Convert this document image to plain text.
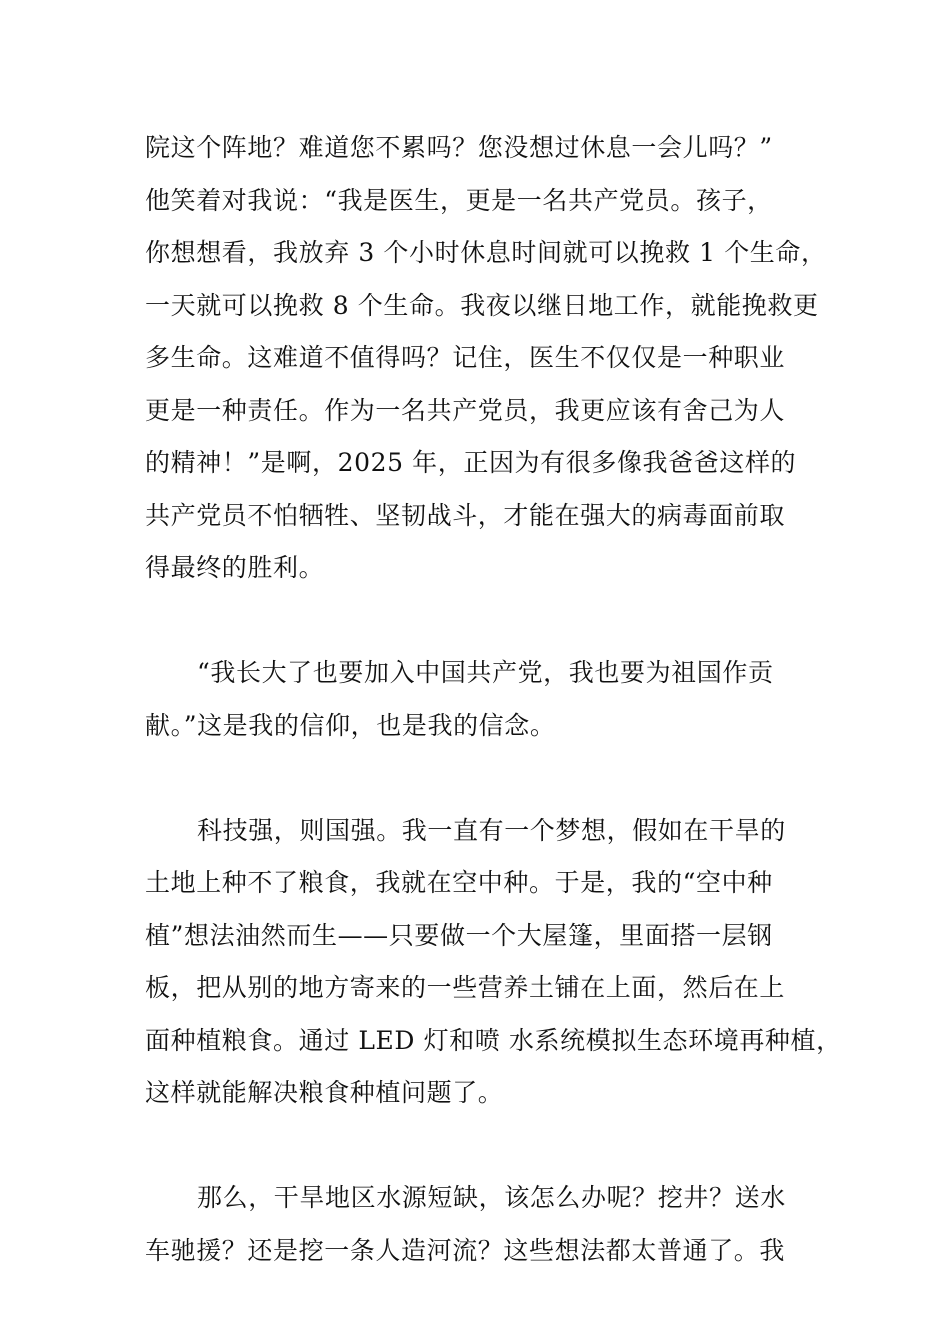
院这个阵地？难道您不累吗？您没想过休息一会儿吗？”
他笑着对我说：“我是医生，更是一名共产党员。孩子，
你想想看，我放弃 3 个小时休息时间就可以挽救 1 个生命，
一天就可以挽救 8 个生命。我夜以继日地工作，就能挽救更
多生命。这难道不值得吗？记住，医生不仅仅是一种职业
更是一种责任。作为一名共产党员，我更应该有舍己为人
的精神！”是啊，2025 年，正因为有很多像我爸爸这样的
共产党员不怕牺牲、坚韧战斗，才能在强大的病毒面前取
得最终的胜利。
“我长大了也要加入中国共产党，我也要为祖国作贡
献。”这是我的信仰，也是我的信念。
科技强，则国强。我一直有一个梦想，假如在干旱的
土地上种不了粮食，我就在空中种。于是，我的“空中种
植”想法油然而生——只要做一个大屋篷，里面搭一层钢
板，把从别的地方寄来的一些营养土铺在上面，然后在上
面种植粮食。通过 LED 灯和喷 水系统模拟生态环境再种植，
这样就能解决粮食种植问题了。
那么，干旱地区水源短缺，该怎么办呢？挖井？送水
车驰援？还是挖一条人造河流？这些想法都太普通了。我
